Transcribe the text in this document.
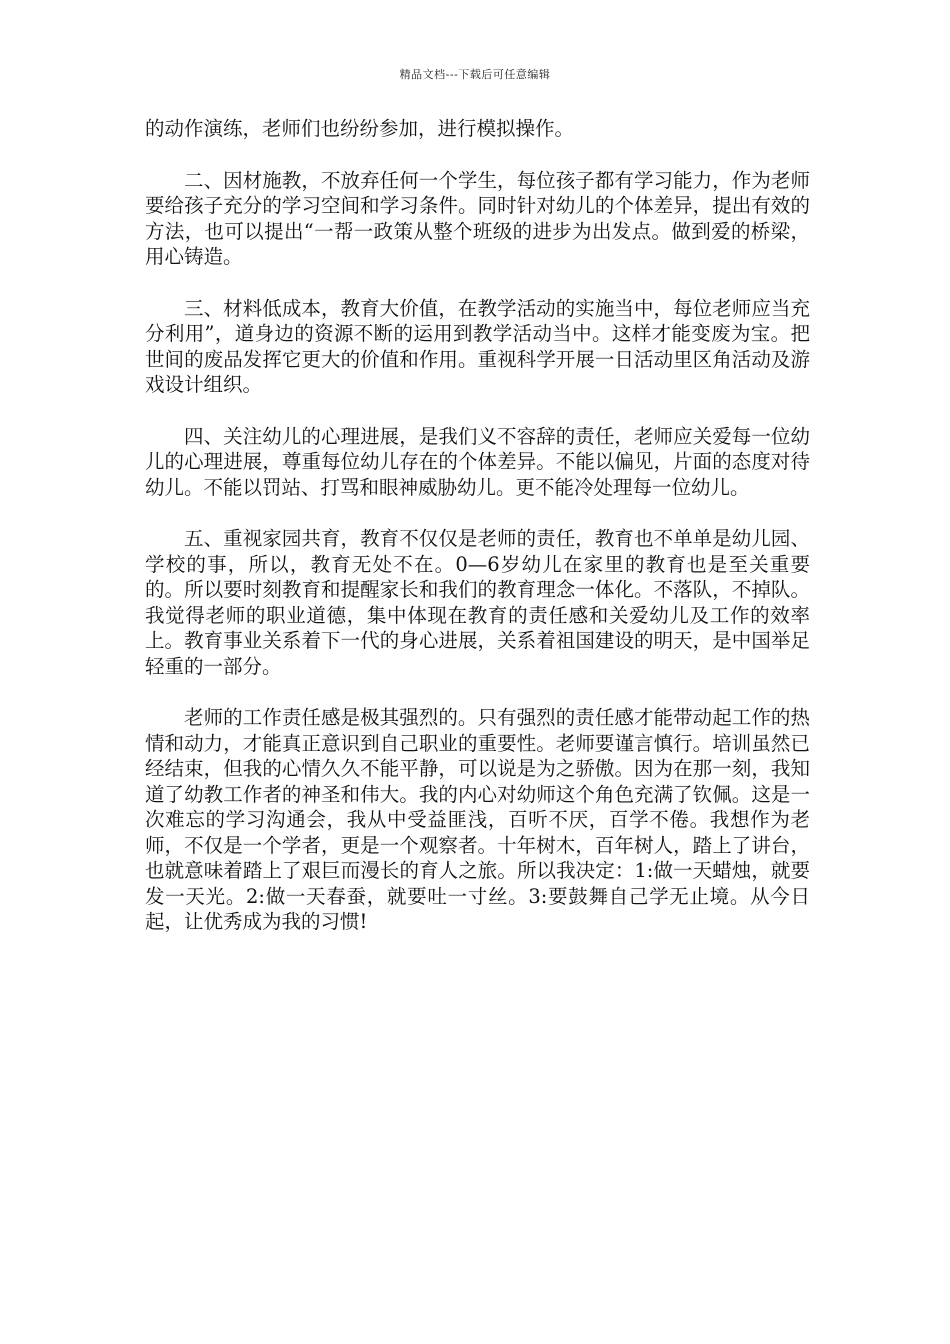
精品文档---下载后可任意编辑

的动作演练，老师们也纷纷参加，进行模拟操作。

二、因材施教，不放弃任何一个学生，每位孩子都有学习能力，作为老师要给孩子充分的学习空间和学习条件。同时针对幼儿的个体差异，提出有效的方法，也可以提出“一帮一政策从整个班级的进步为出发点。做到爱的桥梁，用心铸造。

三、材料低成本，教育大价值，在教学活动的实施当中，每位老师应当充分利用”，道身边的资源不断的运用到教学活动当中。这样才能变废为宝。把世间的废品发挥它更大的价值和作用。重视科学开展一日活动里区角活动及游戏设计组织。

四、关注幼儿的心理进展，是我们义不容辞的责任，老师应关爱每一位幼儿的心理进展，尊重每位幼儿存在的个体差异。不能以偏见，片面的态度对待幼儿。不能以罚站、打骂和眼神威胁幼儿。更不能冷处理每一位幼儿。

五、重视家园共育，教育不仅仅是老师的责任，教育也不单单是幼儿园、学校的事，所以，教育无处不在。0—6岁幼儿在家里的教育也是至关重要的。所以要时刻教育和提醒家长和我们的教育理念一体化。不落队，不掉队。我觉得老师的职业道德，集中体现在教育的责任感和关爱幼儿及工作的效率上。教育事业关系着下一代的身心进展，关系着祖国建设的明天，是中国举足轻重的一部分。

老师的工作责任感是极其强烈的。只有强烈的责任感才能带动起工作的热情和动力，才能真正意识到自己职业的重要性。老师要谨言慎行。培训虽然已经结束，但我的心情久久不能平静，可以说是为之骄傲。因为在那一刻，我知道了幼教工作者的神圣和伟大。我的内心对幼师这个角色充满了钦佩。这是一次难忘的学习沟通会，我从中受益匪浅，百听不厌，百学不倦。我想作为老师，不仅是一个学者，更是一个观察者。十年树木，百年树人，踏上了讲台，也就意味着踏上了艰巨而漫长的育人之旅。所以我决定：1:做一天蜡烛，就要发一天光。2:做一天春蚕，就要吐一寸丝。3:要鼓舞自己学无止境。从今日起，让优秀成为我的习惯!
